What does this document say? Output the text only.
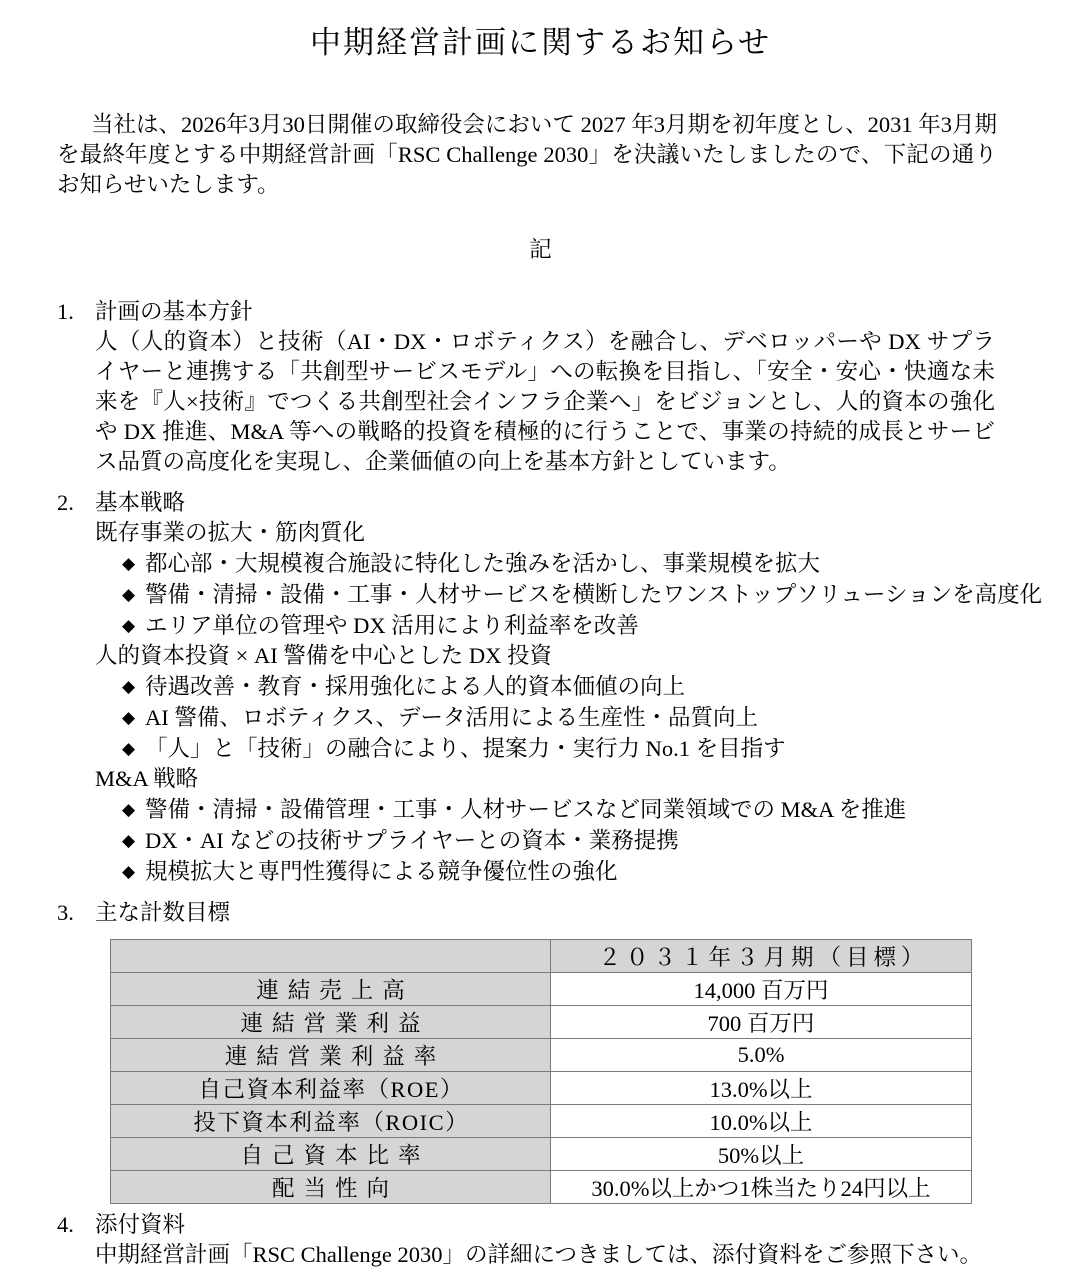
中期経営計画に関するお知らせ

当社は、2026年3月30日開催の取締役会において 2027 年3月期を初年度とし、2031 年3月期を最終年度とする中期経営計画「RSC Challenge 2030」を決議いたしましたので、下記の通りお知らせいたします。

記
1. 計画の基本方針
人（人的資本）と技術（AI・DX・ロボティクス）を融合し、デベロッパーや DX サプライヤーと連携する「共創型サービスモデル」への転換を目指し、「安全・安心・快適な未来を『人×技術』でつくる共創型社会インフラ企業へ」をビジョンとし、人的資本の強化や DX 推進、M&A 等への戦略的投資を積極的に行うことで、事業の持続的成長とサービス品質の高度化を実現し、企業価値の向上を基本方針としています。
2. 基本戦略
既存事業の拡大・筋肉質化
◆ 都心部・大規模複合施設に特化した強みを活かし、事業規模を拡大
◆ 警備・清掃・設備・工事・人材サービスを横断したワンストップソリューションを高度化
◆ エリア単位の管理や DX 活用により利益率を改善
人的資本投資 × AI 警備を中心とした DX 投資
◆ 待遇改善・教育・採用強化による人的資本価値の向上
◆ AI 警備、ロボティクス、データ活用による生産性・品質向上
◆ 「人」と「技術」の融合により、提案力・実行力 No.1 を目指す
M&A 戦略
◆ 警備・清掃・設備管理・工事・人材サービスなど同業領域での M&A を推進
◆ DX・AI などの技術サプライヤーとの資本・業務提携
◆ 規模拡大と専門性獲得による競争優位性の強化
3. 主な計数目標
	２０３１年３月期（目標）
連結売上高	14,000 百万円
連結営業利益	700 百万円
連結営業利益率	5.0%
自己資本利益率（ROE）	13.0%以上
投下資本利益率（ROIC）	10.0%以上
自己資本比率	50%以上
配当性向	30.0%以上かつ1株当たり24円以上
4. 添付資料
中期経営計画「RSC Challenge 2030」の詳細につきましては、添付資料をご参照下さい。
